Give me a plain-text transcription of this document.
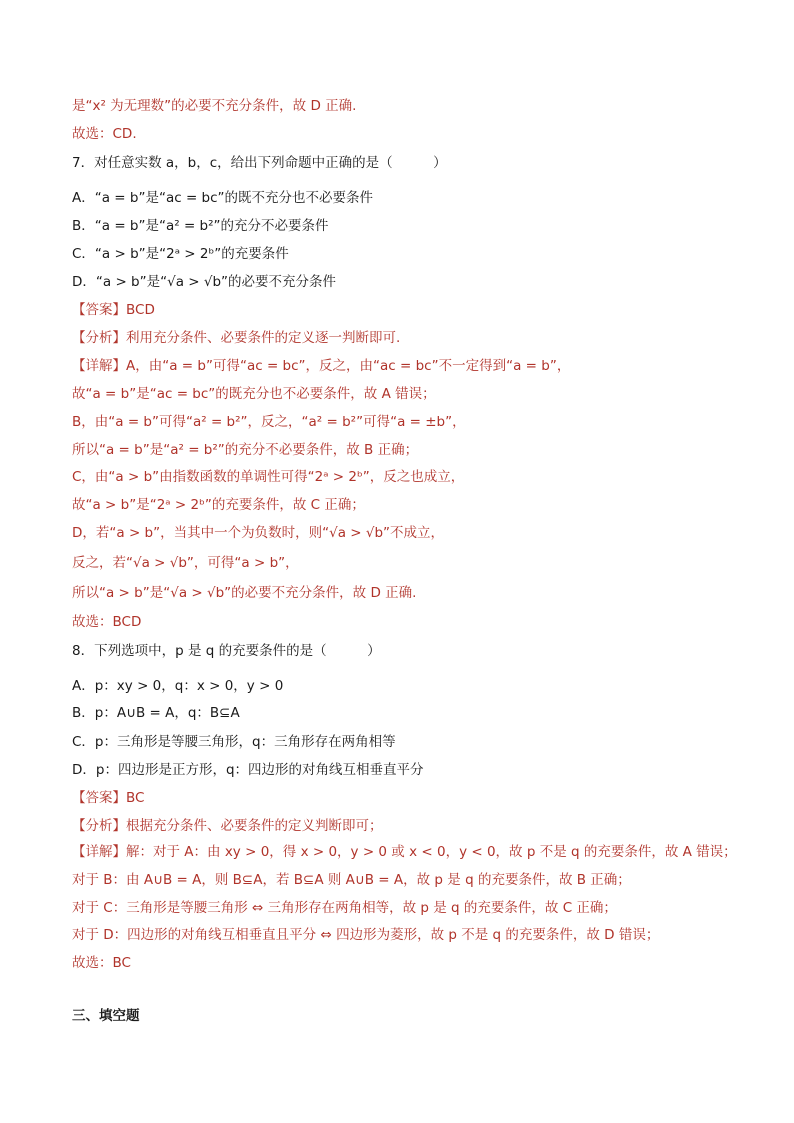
是“x² 为无理数”的必要不充分条件，故 D 正确.
故选：CD.
7．对任意实数 a，b，c，给出下列命题中正确的是（　　　）
A．“a = b”是“ac = bc”的既不充分也不必要条件
B．“a = b”是“a² = b²”的充分不必要条件
C．“a > b”是“2ᵃ > 2ᵇ”的充要条件
D．“a > b”是“√a > √b”的必要不充分条件
【答案】BCD
【分析】利用充分条件、必要条件的定义逐一判断即可.
【详解】A，由“a = b”可得“ac = bc”，反之，由“ac = bc”不一定得到“a = b”，
故“a = b”是“ac = bc”的既充分也不必要条件，故 A 错误；
B，由“a = b”可得“a² = b²”，反之，“a² = b²”可得“a = ±b”，
所以“a = b”是“a² = b²”的充分不必要条件，故 B 正确；
C，由“a > b”由指数函数的单调性可得“2ᵃ > 2ᵇ”，反之也成立，
故“a > b”是“2ᵃ > 2ᵇ”的充要条件，故 C 正确；
D，若“a > b”，当其中一个为负数时，则“√a > √b”不成立，
反之，若“√a > √b”，可得“a > b”，
所以“a > b”是“√a > √b”的必要不充分条件，故 D 正确.
故选：BCD
8．下列选项中，p 是 q 的充要条件的是（　　　）
A．p：xy > 0，q：x > 0，y > 0
B．p：A∪B = A，q：B⊆A
C．p：三角形是等腰三角形，q：三角形存在两角相等
D．p：四边形是正方形，q：四边形的对角线互相垂直平分
【答案】BC
【分析】根据充分条件、必要条件的定义判断即可；
【详解】解：对于 A：由 xy > 0，得 x > 0，y > 0 或 x < 0，y < 0，故 p 不是 q 的充要条件，故 A 错误；
对于 B：由 A∪B = A，则 B⊆A，若 B⊆A 则 A∪B = A，故 p 是 q 的充要条件，故 B 正确；
对于 C：三角形是等腰三角形 ⇔ 三角形存在两角相等，故 p 是 q 的充要条件，故 C 正确；
对于 D：四边形的对角线互相垂直且平分 ⇔ 四边形为菱形，故 p 不是 q 的充要条件，故 D 错误；
故选：BC
三、填空题
